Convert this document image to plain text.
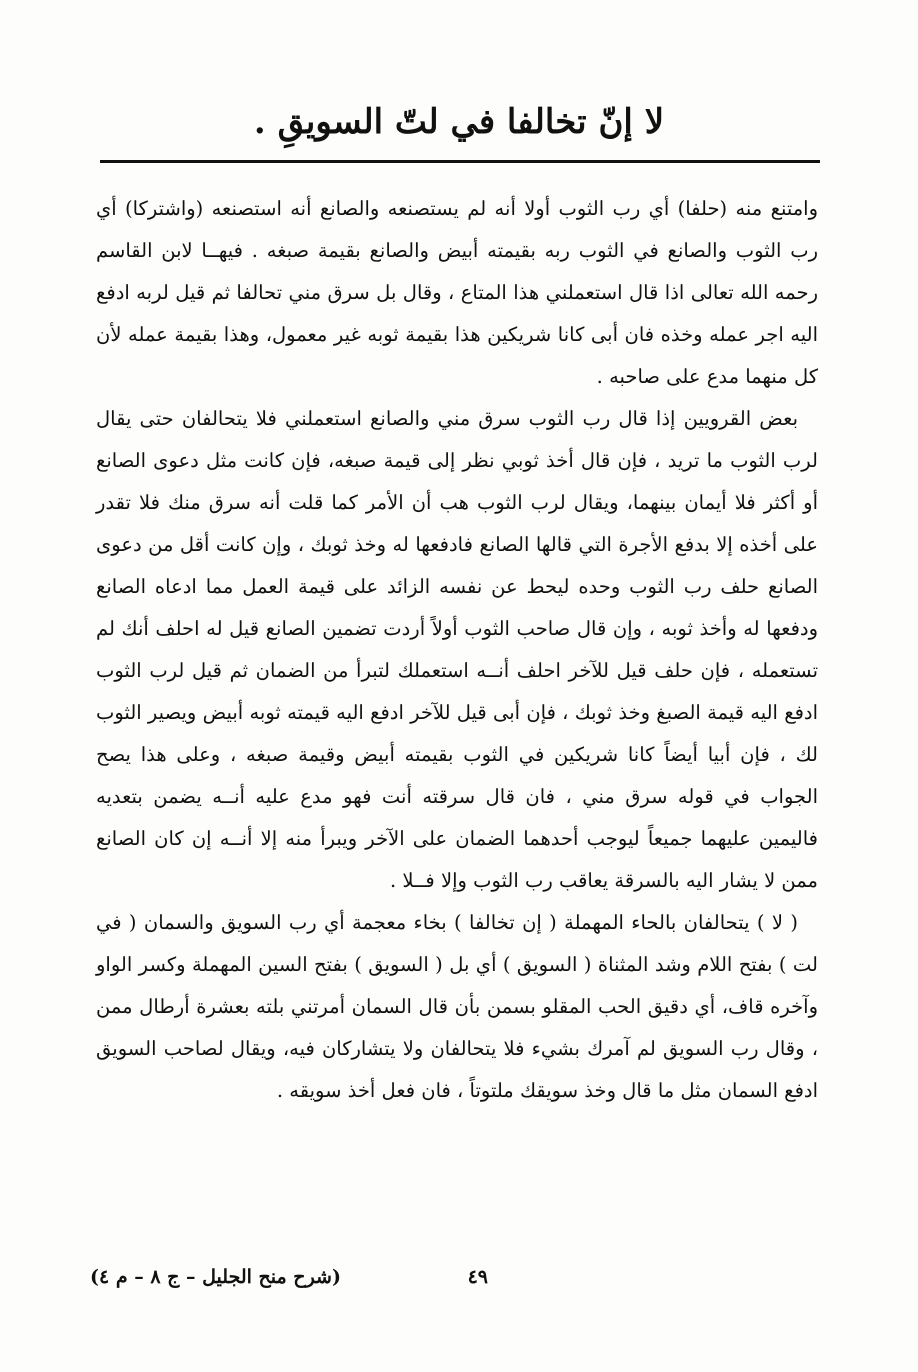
لا إنّ تخالفا في لتّ السويقِ .

وامتنع منه (حلفا) أي رب الثوب أولا أنه لم يستصنعه والصانع أنه استصنعه (واشتركا) أي رب الثوب والصانع في الثوب ربه بقيمته أبيض والصانع بقيمة صبغه . فيهــا لابن القاسم رحمه الله تعالى اذا قال استعملني هذا المتاع ، وقال بل سرق مني تحالفا ثم قيل لربه ادفع اليه اجر عمله وخذه فان أبى كانا شريكين هذا بقيمة ثوبه غير معمول، وهذا بقيمة عمله لأن كل منهما مدع على صاحبه .

بعض القرويين إذا قال رب الثوب سرق مني والصانع استعملني فلا يتحالفان حتى يقال لرب الثوب ما تريد ، فإن قال أخذ ثوبي نظر إلى قيمة صبغه، فإن كانت مثل دعوى الصانع أو أكثر فلا أيمان بينهما، ويقال لرب الثوب هب أن الأمر كما قلت أنه سرق منك فلا تقدر على أخذه إلا بدفع الأجرة التي قالها الصانع فادفعها له وخذ ثوبك ، وإن كانت أقل من دعوى الصانع حلف رب الثوب وحده ليحط عن نفسه الزائد على قيمة العمل مما ادعاه الصانع ودفعها له وأخذ ثوبه ، وإن قال صاحب الثوب أولاً أردت تضمين الصانع قيل له احلف أنك لم تستعمله ، فإن حلف قيل للآخر احلف أنــه استعملك لتبرأ من الضمان ثم قيل لرب الثوب ادفع اليه قيمة الصبغ وخذ ثوبك ، فإن أبى قيل للآخر ادفع اليه قيمته ثوبه أبيض ويصير الثوب لك ، فإن أبيا أيضاً كانا شريكين في الثوب بقيمته أبيض وقيمة صبغه ، وعلى هذا يصح الجواب في قوله سرق مني ، فان قال سرقته أنت فهو مدع عليه أنــه يضمن بتعديه فاليمين عليهما جميعاً ليوجب أحدهما الضمان على الآخر ويبرأ منه إلا أنــه إن كان الصانع ممن لا يشار اليه بالسرقة يعاقب رب الثوب وإلا فــلا .

( لا ) يتحالفان بالحاء المهملة ( إن تخالفا ) بخاء معجمة أي رب السويق والسمان ( في لت ) بفتح اللام وشد المثناة ( السويق ) أي بل ( السويق ) بفتح السين المهملة وكسر الواو وآخره قاف، أي دقيق الحب المقلو بسمن بأن قال السمان أمرتني بلته بعشرة أرطال ممن ، وقال رب السويق لم آمرك بشيء فلا يتحالفان ولا يتشاركان فيه، ويقال لصاحب السويق ادفع السمان مثل ما قال وخذ سويقك ملتوتاً ، فان فعل أخذ سويقه .

٤٩
(شرح منح الجليل – ج ٨ – م ٤)
